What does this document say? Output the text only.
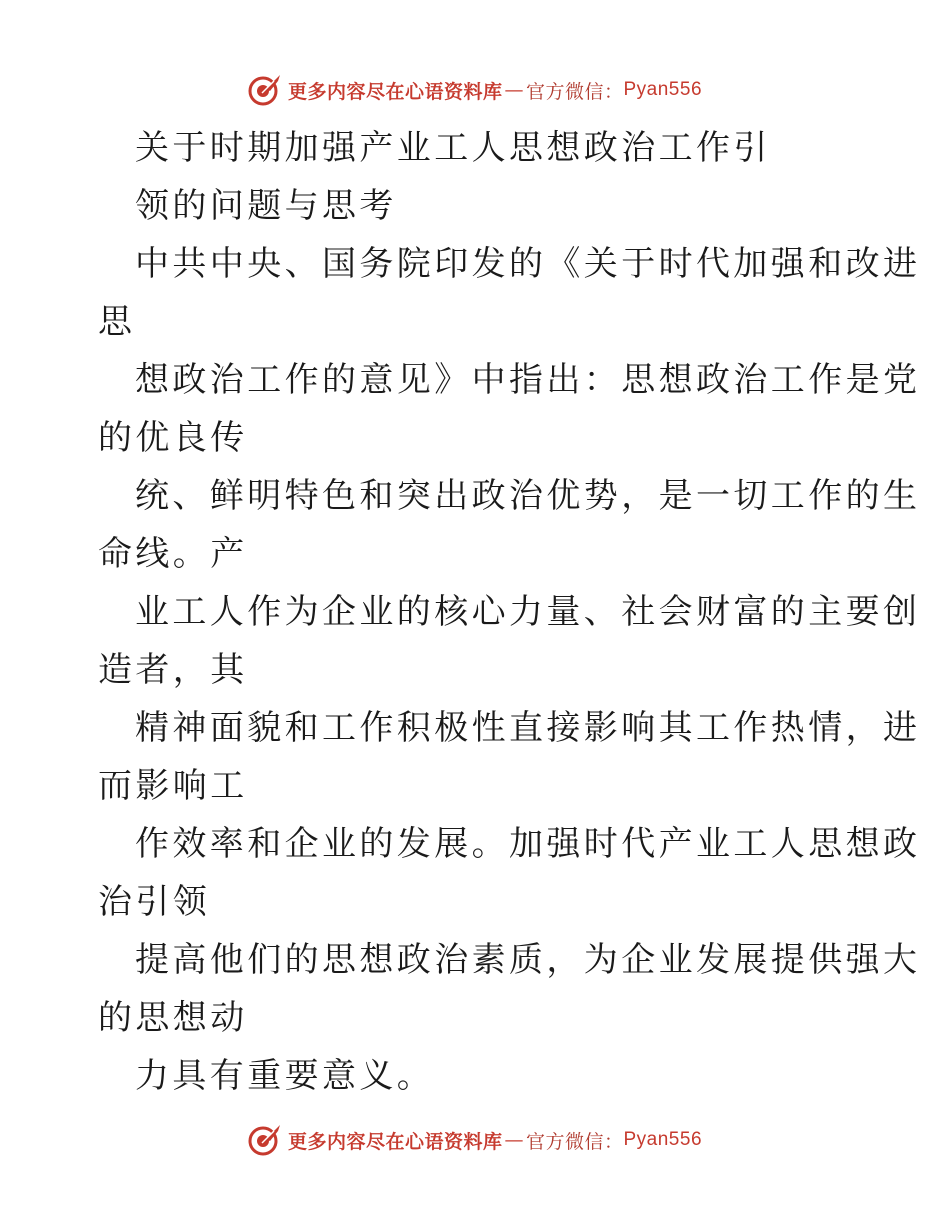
更多内容尽在心语资料库 — 官方微信： Pyan556
关于时期加强产业工人思想政治工作引
领的问题与思考
中共中央、国务院印发的《关于时代加强和改进
思
想政治工作的意见》中指出：思想政治工作是党
的优良传
统、鲜明特色和突出政治优势，是一切工作的生
命线。产
业工人作为企业的核心力量、社会财富的主要创
造者，其
精神面貌和工作积极性直接影响其工作热情，进
而影响工
作效率和企业的发展。加强时代产业工人思想政
治引领
提高他们的思想政治素质，为企业发展提供强大
的思想动
力具有重要意义。
更多内容尽在心语资料库 — 官方微信： Pyan556
